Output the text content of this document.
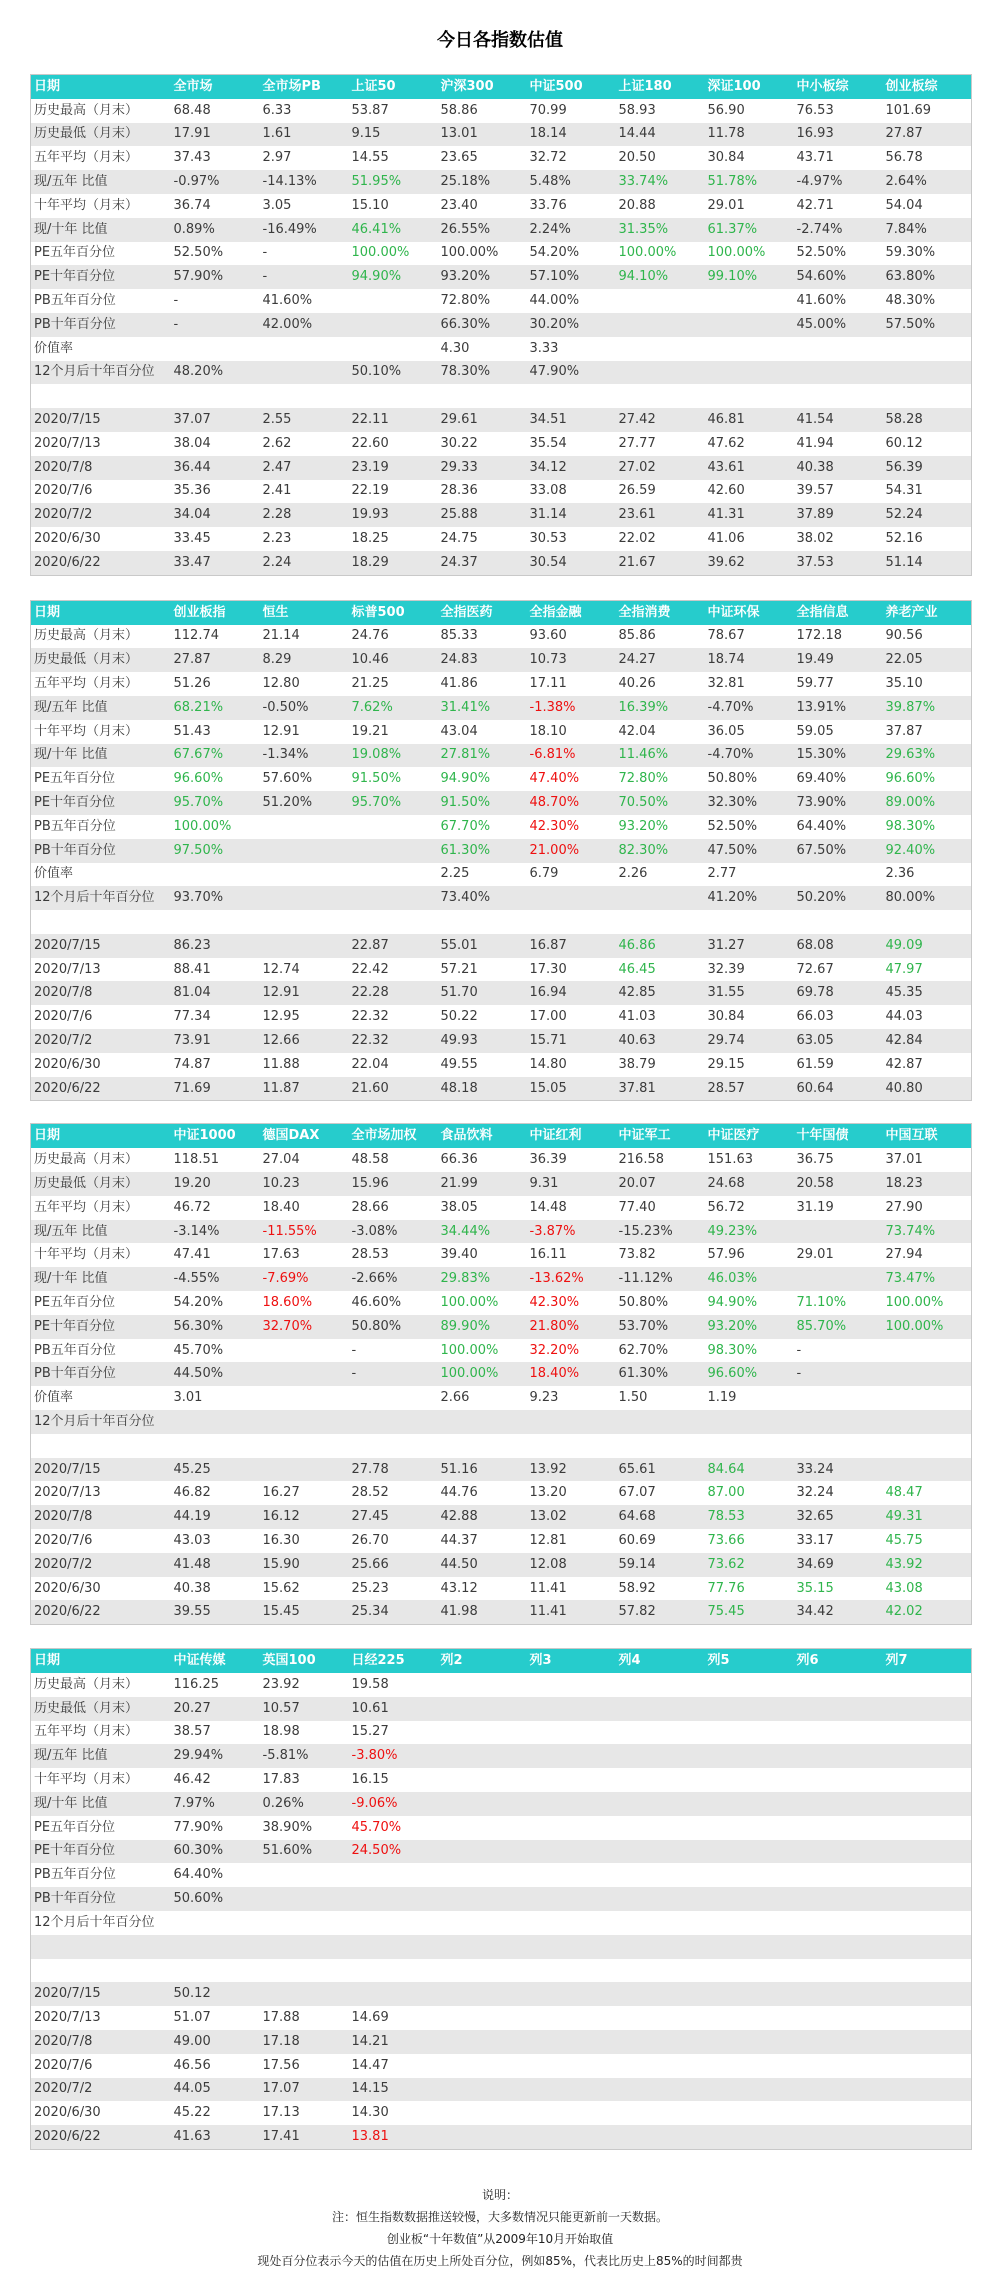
今日各指数估值
日期	全市场	全市场PB	上证50	沪深300	中证500	上证180	深证100	中小板综	创业板综
历史最高（月末）	68.48	6.33	53.87	58.86	70.99	58.93	56.90	76.53	101.69
历史最低（月末）	17.91	1.61	9.15	13.01	18.14	14.44	11.78	16.93	27.87
五年平均（月末）	37.43	2.97	14.55	23.65	32.72	20.50	30.84	43.71	56.78
现/五年 比值	-0.97%	-14.13%	51.95%	25.18%	5.48%	33.74%	51.78%	-4.97%	2.64%
十年平均（月末）	36.74	3.05	15.10	23.40	33.76	20.88	29.01	42.71	54.04
现/十年 比值	0.89%	-16.49%	46.41%	26.55%	2.24%	31.35%	61.37%	-2.74%	7.84%
PE五年百分位	52.50%	-	100.00%	100.00%	54.20%	100.00%	100.00%	52.50%	59.30%
PE十年百分位	57.90%	-	94.90%	93.20%	57.10%	94.10%	99.10%	54.60%	63.80%
PB五年百分位	-	41.60%		72.80%	44.00%			41.60%	48.30%
PB十年百分位	-	42.00%		66.30%	30.20%			45.00%	57.50%
价值率				4.30	3.33				
12个月后十年百分位	48.20%		50.10%	78.30%	47.90%				

2020/7/15	37.07	2.55	22.11	29.61	34.51	27.42	46.81	41.54	58.28
2020/7/13	38.04	2.62	22.60	30.22	35.54	27.77	47.62	41.94	60.12
2020/7/8	36.44	2.47	23.19	29.33	34.12	27.02	43.61	40.38	56.39
2020/7/6	35.36	2.41	22.19	28.36	33.08	26.59	42.60	39.57	54.31
2020/7/2	34.04	2.28	19.93	25.88	31.14	23.61	41.31	37.89	52.24
2020/6/30	33.45	2.23	18.25	24.75	30.53	22.02	41.06	38.02	52.16
2020/6/22	33.47	2.24	18.29	24.37	30.54	21.67	39.62	37.53	51.14
日期	创业板指	恒生	标普500	全指医药	全指金融	全指消费	中证环保	全指信息	养老产业
历史最高（月末）	112.74	21.14	24.76	85.33	93.60	85.86	78.67	172.18	90.56
历史最低（月末）	27.87	8.29	10.46	24.83	10.73	24.27	18.74	19.49	22.05
五年平均（月末）	51.26	12.80	21.25	41.86	17.11	40.26	32.81	59.77	35.10
现/五年 比值	68.21%	-0.50%	7.62%	31.41%	-1.38%	16.39%	-4.70%	13.91%	39.87%
十年平均（月末）	51.43	12.91	19.21	43.04	18.10	42.04	36.05	59.05	37.87
现/十年 比值	67.67%	-1.34%	19.08%	27.81%	-6.81%	11.46%	-4.70%	15.30%	29.63%
PE五年百分位	96.60%	57.60%	91.50%	94.90%	47.40%	72.80%	50.80%	69.40%	96.60%
PE十年百分位	95.70%	51.20%	95.70%	91.50%	48.70%	70.50%	32.30%	73.90%	89.00%
PB五年百分位	100.00%			67.70%	42.30%	93.20%	52.50%	64.40%	98.30%
PB十年百分位	97.50%			61.30%	21.00%	82.30%	47.50%	67.50%	92.40%
价值率				2.25	6.79	2.26	2.77		2.36
12个月后十年百分位	93.70%			73.40%			41.20%	50.20%	80.00%

2020/7/15	86.23		22.87	55.01	16.87	46.86	31.27	68.08	49.09
2020/7/13	88.41	12.74	22.42	57.21	17.30	46.45	32.39	72.67	47.97
2020/7/8	81.04	12.91	22.28	51.70	16.94	42.85	31.55	69.78	45.35
2020/7/6	77.34	12.95	22.32	50.22	17.00	41.03	30.84	66.03	44.03
2020/7/2	73.91	12.66	22.32	49.93	15.71	40.63	29.74	63.05	42.84
2020/6/30	74.87	11.88	22.04	49.55	14.80	38.79	29.15	61.59	42.87
2020/6/22	71.69	11.87	21.60	48.18	15.05	37.81	28.57	60.64	40.80
日期	中证1000	德国DAX	全市场加权	食品饮料	中证红利	中证军工	中证医疗	十年国债	中国互联
历史最高（月末）	118.51	27.04	48.58	66.36	36.39	216.58	151.63	36.75	37.01
历史最低（月末）	19.20	10.23	15.96	21.99	9.31	20.07	24.68	20.58	18.23
五年平均（月末）	46.72	18.40	28.66	38.05	14.48	77.40	56.72	31.19	27.90
现/五年 比值	-3.14%	-11.55%	-3.08%	34.44%	-3.87%	-15.23%	49.23%		73.74%
十年平均（月末）	47.41	17.63	28.53	39.40	16.11	73.82	57.96	29.01	27.94
现/十年 比值	-4.55%	-7.69%	-2.66%	29.83%	-13.62%	-11.12%	46.03%		73.47%
PE五年百分位	54.20%	18.60%	46.60%	100.00%	42.30%	50.80%	94.90%	71.10%	100.00%
PE十年百分位	56.30%	32.70%	50.80%	89.90%	21.80%	53.70%	93.20%	85.70%	100.00%
PB五年百分位	45.70%		-	100.00%	32.20%	62.70%	98.30%	-	
PB十年百分位	44.50%		-	100.00%	18.40%	61.30%	96.60%	-	
价值率	3.01			2.66	9.23	1.50	1.19		
12个月后十年百分位									

2020/7/15	45.25		27.78	51.16	13.92	65.61	84.64	33.24	
2020/7/13	46.82	16.27	28.52	44.76	13.20	67.07	87.00	32.24	48.47
2020/7/8	44.19	16.12	27.45	42.88	13.02	64.68	78.53	32.65	49.31
2020/7/6	43.03	16.30	26.70	44.37	12.81	60.69	73.66	33.17	45.75
2020/7/2	41.48	15.90	25.66	44.50	12.08	59.14	73.62	34.69	43.92
2020/6/30	40.38	15.62	25.23	43.12	11.41	58.92	77.76	35.15	43.08
2020/6/22	39.55	15.45	25.34	41.98	11.41	57.82	75.45	34.42	42.02
日期	中证传媒	英国100	日经225	列2	列3	列4	列5	列6	列7
历史最高（月末）	116.25	23.92	19.58						
历史最低（月末）	20.27	10.57	10.61						
五年平均（月末）	38.57	18.98	15.27						
现/五年 比值	29.94%	-5.81%	-3.80%						
十年平均（月末）	46.42	17.83	16.15						
现/十年 比值	7.97%	0.26%	-9.06%						
PE五年百分位	77.90%	38.90%	45.70%						
PE十年百分位	60.30%	51.60%	24.50%						
PB五年百分位	64.40%								
PB十年百分位	50.60%								
12个月后十年百分位									

2020/7/15	50.12								
2020/7/13	51.07	17.88	14.69						
2020/7/8	49.00	17.18	14.21						
2020/7/6	46.56	17.56	14.47						
2020/7/2	44.05	17.07	14.15						
2020/6/30	45.22	17.13	14.30						
2020/6/22	41.63	17.41	13.81						
说明：
注：恒生指数数据推送较慢，大多数情况只能更新前一天数据。
创业板“十年数值”从2009年10月开始取值
现处百分位表示今天的估值在历史上所处百分位，例如85%，代表比历史上85%的时间都贵
